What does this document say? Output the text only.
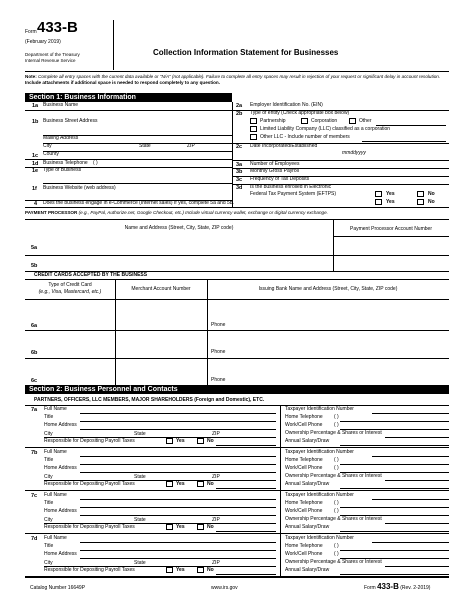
Form 433-B
(February 2019)
Department of the Treasury
Internal Revenue Service
Collection Information Statement for Businesses
Note: Complete all entry spaces with the current data available or "N/A" (not applicable). Failure to complete all entry spaces may result in rejection of your request or significant delay in account resolution. Include attachments if additional space is needed to respond completely to any question.
Section 1: Business Information
1a Business Name
1b Business Street Address
Mailing Address
City	State	ZIP
1c County
1d Business Telephone ( )
1e Type of Business
1f Business Website (web address)
2a Employer Identification No. (EIN)
2b Type of entity (Check appropriate box below)
Partnership	Corporation	Other
Limited Liability Company (LLC) classified as a corporation
Other LLC - Include number of members
2c Date Incorporated/Established
mmddyyyy
3a Number of Employees
3b Monthly Gross Payroll
3c Frequency of Tax Deposits
3d Is the business enrolled in Electronic
Federal Tax Payment System (EFTPS)	Yes	No
Yes	No
4 Does the business engage in e-Commerce (Internet sales) If yes, complete 5a and 5b.
PAYMENT PROCESSOR (e.g., PayPal, Authorize.net, Google Checkout, etc.) Include virtual currency wallet, exchange or digital currency exchange.
Name and Address (Street, City, State, ZIP code)	Payment Processor Account Number
5a
5b
CREDIT CARDS ACCEPTED BY THE BUSINESS
Type of Credit Card
(e.g., Visa, Mastercard, etc.)	Merchant Account Number	Issuing Bank Name and Address (Street, City, State, ZIP code)
6a	Phone
6b	Phone
6c	Phone
Section 2: Business Personnel and Contacts
PARTNERS, OFFICERS, LLC MEMBERS, MAJOR SHAREHOLDERS (Foreign and Domestic), ETC.
7a Full Name
Title
Home Address
City	State	ZIP
Responsible for Depositing Payroll Taxes	Yes	No
Taxpayer Identification Number
Home Telephone ( )
Work/Cell Phone ( )
Ownership Percentage & Shares or Interest
Annual Salary/Draw
7b Full Name
Title
Home Address
City	State	ZIP
Responsible for Depositing Payroll Taxes	Yes	No
Taxpayer Identification Number
Home Telephone ( )
Work/Cell Phone ( )
Ownership Percentage & Shares or Interest
Annual Salary/Draw
7c Full Name
Title
Home Address
City	State	ZIP
Responsible for Depositing Payroll Taxes	Yes	No
Taxpayer Identification Number
Home Telephone ( )
Work/Cell Phone ( )
Ownership Percentage & Shares or Interest
Annual Salary/Draw
7d Full Name
Title
Home Address
City	State	ZIP
Responsible for Depositing Payroll Taxes	Yes	No
Taxpayer Identification Number
Home Telephone ( )
Work/Cell Phone ( )
Ownership Percentage & Shares or Interest
Annual Salary/Draw
Catalog Number 16649P	www.irs.gov	Form 433-B (Rev. 2-2019)
